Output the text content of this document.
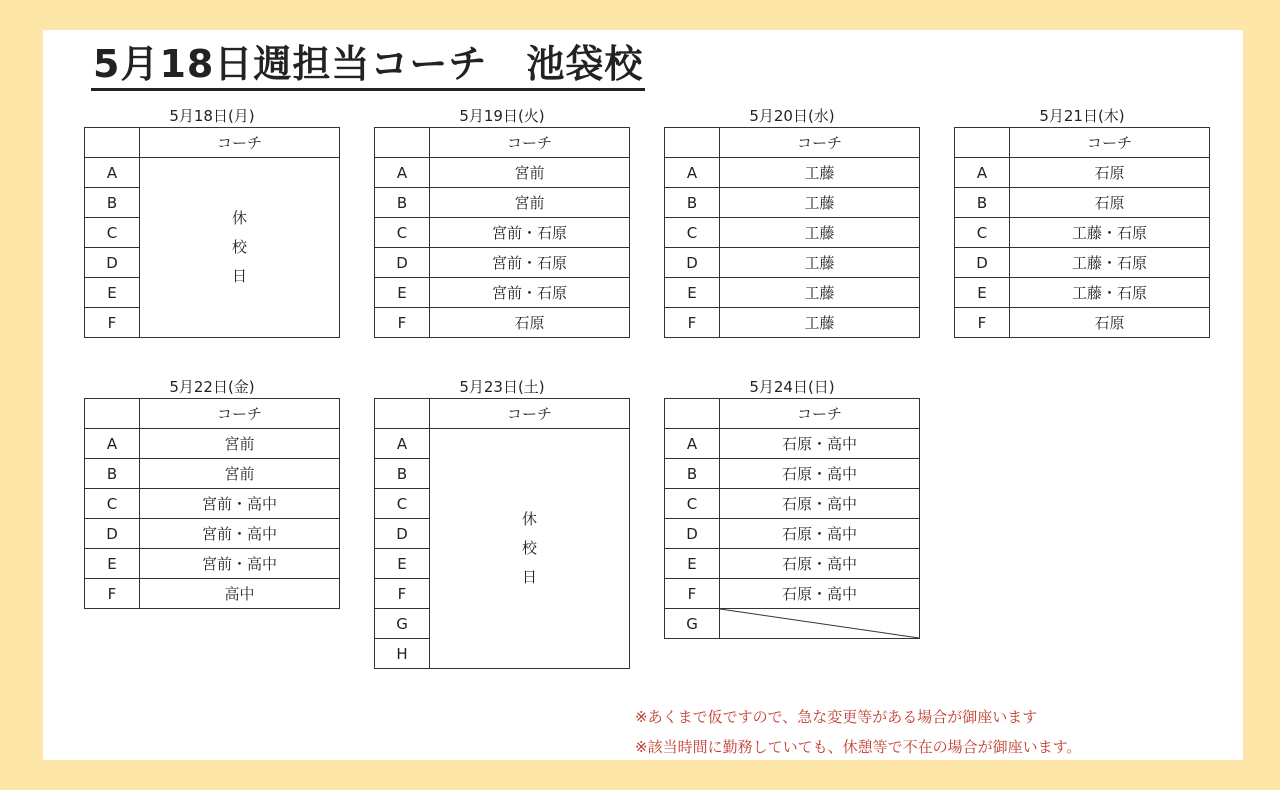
5月18日週担当コーチ　池袋校
5月18日(月)
	コーチ
A	休
校
日

B	
C	
D	
E	
F	
5月19日(火)
	コーチ
A	宮前
B	宮前
C	宮前・石原
D	宮前・石原
E	宮前・石原
F	石原
5月20日(水)
	コーチ
A	工藤
B	工藤
C	工藤
D	工藤
E	工藤
F	工藤
5月21日(木)
	コーチ
A	石原
B	石原
C	工藤・石原
D	工藤・石原
E	工藤・石原
F	石原
5月22日(金)
	コーチ
A	宮前
B	宮前
C	宮前・高中
D	宮前・高中
E	宮前・高中
F	高中
5月23日(土)
	コーチ
A	休
校
日

B	
C	
D	
E	
F	
G	
H	
5月24日(日)
	コーチ
A	石原・高中
B	石原・高中
C	石原・高中
D	石原・高中
E	石原・高中
F	石原・高中
G	
※あくまで仮ですので、急な変更等がある場合が御座います
※該当時間に勤務していても、休憩等で不在の場合が御座います。
